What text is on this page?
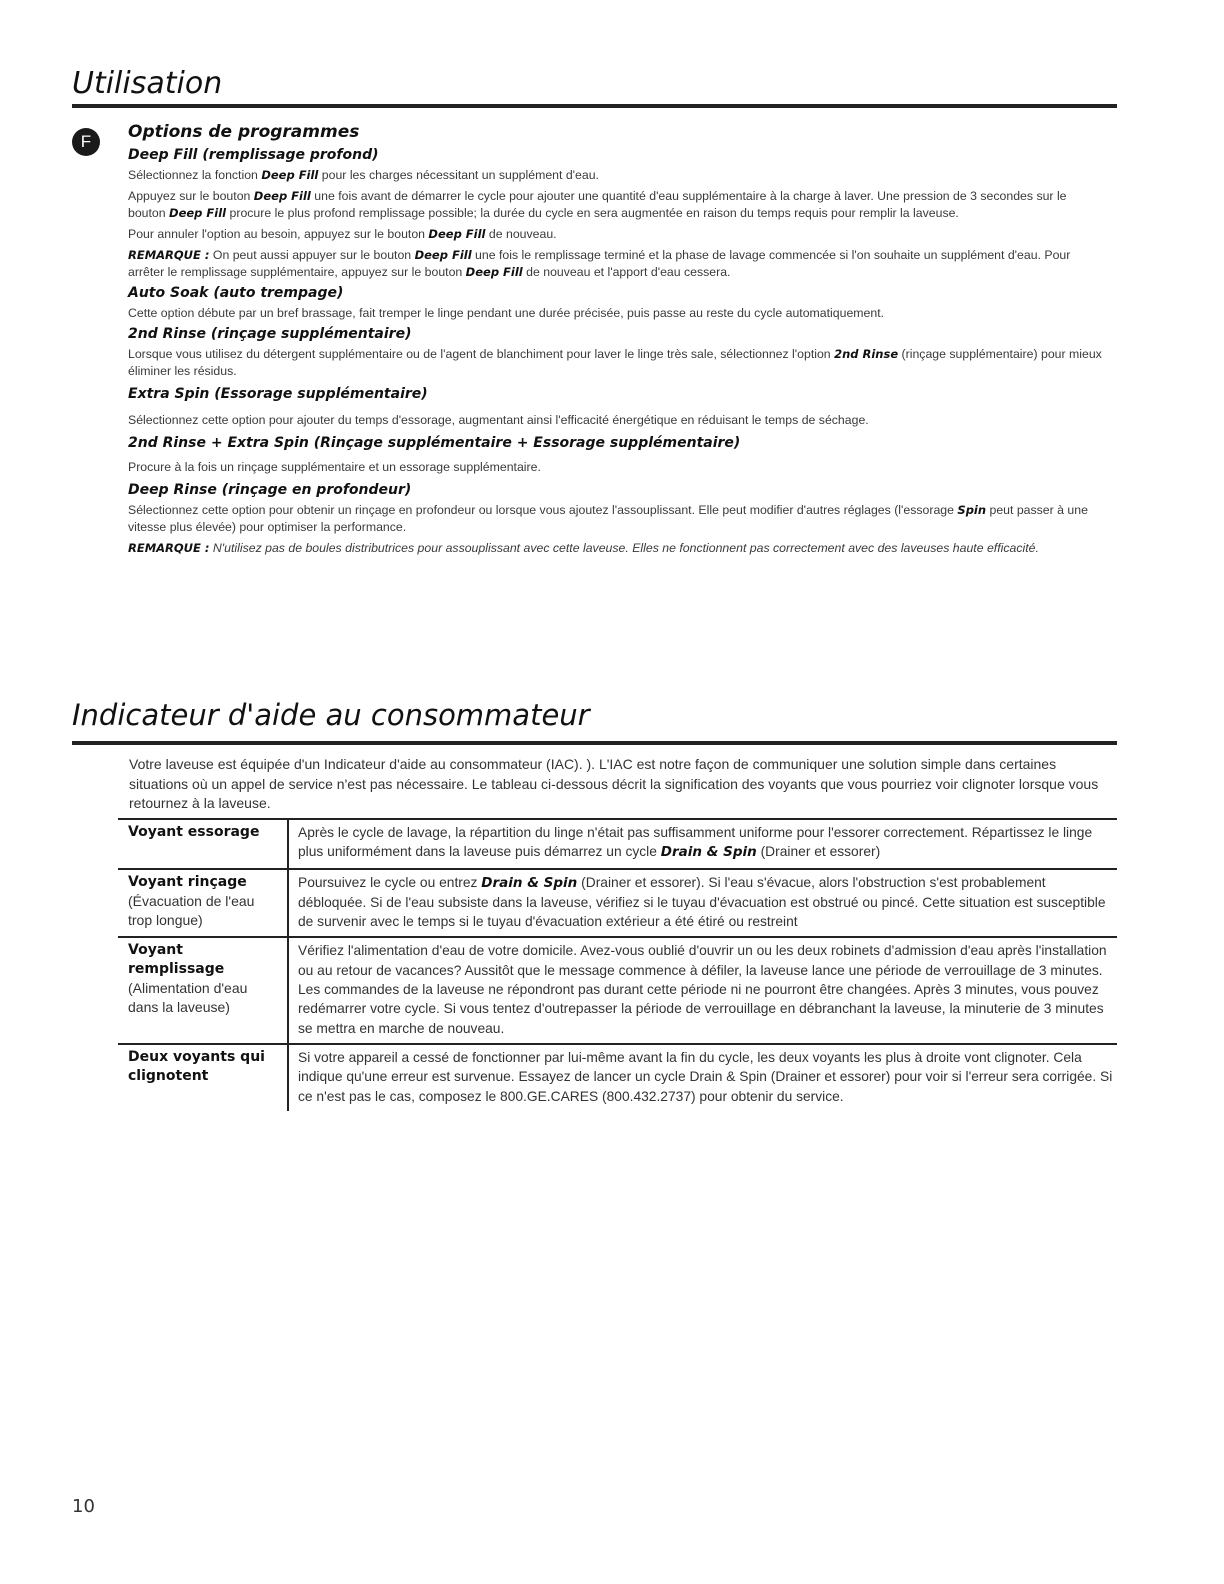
Utilisation
F	Options de programmes
Deep Fill (remplissage profond)

Sélectionnez la fonction Deep Fill pour les charges nécessitant un supplément d'eau.

Appuyez sur le bouton Deep Fill une fois avant de démarrer le cycle pour ajouter une quantité d'eau supplémentaire à la charge à laver. Une pression de 3 secondes sur le bouton Deep Fill procure le plus profond remplissage possible; la durée du cycle en sera augmentée en raison du temps requis pour remplir la laveuse.

Pour annuler l'option au besoin, appuyez sur le bouton Deep Fill de nouveau.

REMARQUE : On peut aussi appuyer sur le bouton Deep Fill une fois le remplissage terminé et la phase de lavage commencée si l'on souhaite un supplément d'eau. Pour arrêter le remplissage supplémentaire, appuyez sur le bouton Deep Fill de nouveau et l'apport d'eau cessera.

Auto Soak (auto trempage)

Cette option débute par un bref brassage, fait tremper le linge pendant une durée précisée, puis passe au reste du cycle automatiquement.

2nd Rinse (rinçage supplémentaire)

Lorsque vous utilisez du détergent supplémentaire ou de l'agent de blanchiment pour laver le linge très sale, sélectionnez l'option 2nd Rinse (rinçage supplémentaire) pour mieux éliminer les résidus.

Extra Spin (Essorage supplémentaire)

Sélectionnez cette option pour ajouter du temps d'essorage, augmentant ainsi l'efficacité énergétique en réduisant le temps de séchage.

2nd Rinse + Extra Spin (Rinçage supplémentaire + Essorage supplémentaire)

Procure à la fois un rinçage supplémentaire et un essorage supplémentaire.

Deep Rinse (rinçage en profondeur)

Sélectionnez cette option pour obtenir un rinçage en profondeur ou lorsque vous ajoutez l'assouplissant. Elle peut modifier d'autres réglages (l'essorage Spin peut passer à une vitesse plus élevée) pour optimiser la performance.

REMARQUE : N'utilisez pas de boules distributrices pour assouplissant avec cette laveuse. Elles ne fonctionnent pas correctement avec des laveuses haute efficacité.

Indicateur d'aide au consommateur

Votre laveuse est équipée d'un Indicateur d'aide au consommateur (IAC). ). L'IAC est notre façon de communiquer une solution simple dans certaines situations où un appel de service n'est pas nécessaire. Le tableau ci-dessous décrit la signification des voyants que vous pourriez voir clignoter lorsque vous retournez à la laveuse.

Voyant essorage	Après le cycle de lavage, la répartition du linge n'était pas suffisamment uniforme pour l'essorer correctement. Répartissez le linge plus uniformément dans la laveuse puis démarrez un cycle Drain & Spin (Drainer et essorer)

Voyant rinçage
(Évacuation de l'eau trop longue)	Poursuivez le cycle ou entrez Drain & Spin (Drainer et essorer). Si l'eau s'évacue, alors l'obstruction s'est probablement débloquée. Si de l'eau subsiste dans la laveuse, vérifiez si le tuyau d'évacuation est obstrué ou pincé. Cette situation est susceptible de survenir avec le temps si le tuyau d'évacuation extérieur a été étiré ou restreint

Voyant remplissage
(Alimentation d'eau dans la laveuse)	Vérifiez l'alimentation d'eau de votre domicile. Avez-vous oublié d'ouvrir un ou les deux robinets d'admission d'eau après l'installation ou au retour de vacances? Aussitôt que le message commence à défiler, la laveuse lance une période de verrouillage de 3 minutes. Les commandes de la laveuse ne répondront pas durant cette période ni ne pourront être changées. Après 3 minutes, vous pouvez redémarrer votre cycle. Si vous tentez d'outrepasser la période de verrouillage en débranchant la laveuse, la minuterie de 3 minutes se mettra en marche de nouveau.

Deux voyants qui clignotent	Si votre appareil a cessé de fonctionner par lui-même avant la fin du cycle, les deux voyants les plus à droite vont clignoter. Cela indique qu'une erreur est survenue. Essayez de lancer un cycle Drain & Spin (Drainer et essorer) pour voir si l'erreur sera corrigée. Si ce n'est pas le cas, composez le 800.GE.CARES (800.432.2737) pour obtenir du service.
10
